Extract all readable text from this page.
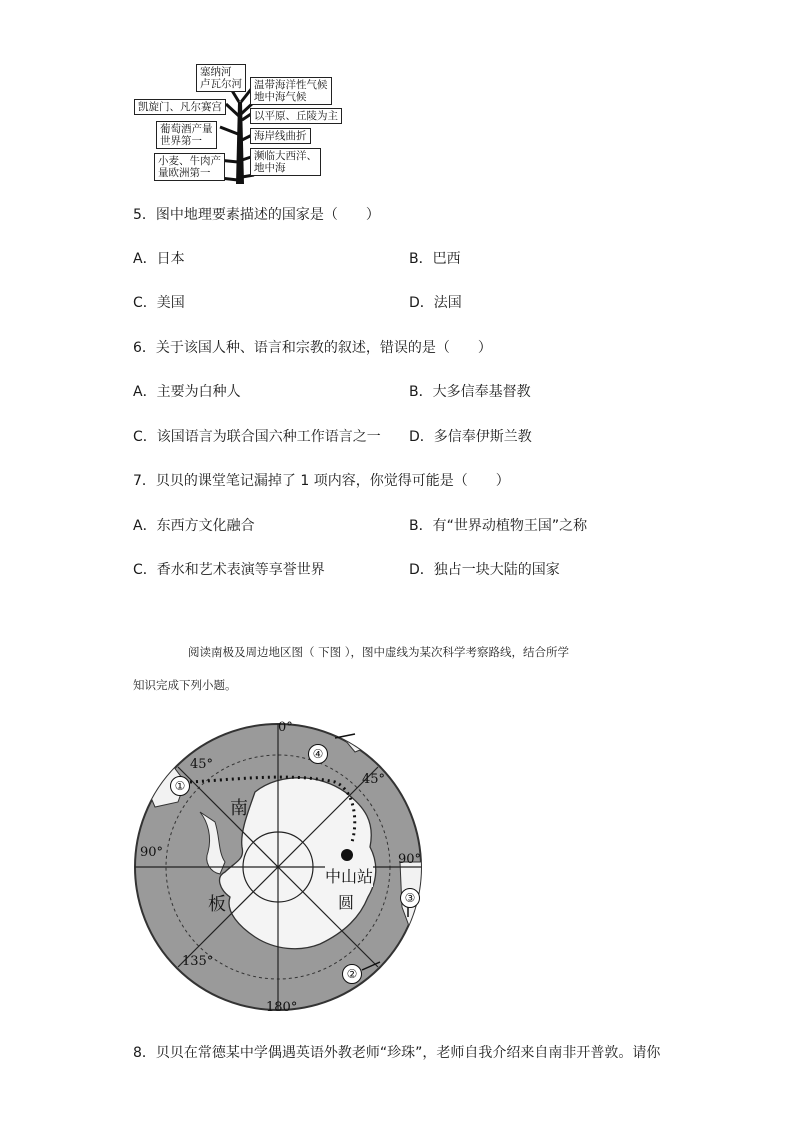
塞纳河
卢瓦尔河
凯旋门、凡尔赛宫
葡萄酒产量
世界第一
小麦、牛肉产
量欧洲第一
温带海洋性气候
地中海气候
以平原、丘陵为主
海岸线曲折
濒临大西洋、
地中海
5．图中地理要素描述的国家是（　　）
A．日本	B．巴西
C．美国	D．法国
6．关于该国人种、语言和宗教的叙述，错误的是（　　）
A．主要为白种人	B．大多信奉基督教
C．该国语言为联合国六种工作语言之一 D．多信奉伊斯兰教
7．贝贝的课堂笔记漏掉了 1 项内容，你觉得可能是（　　）
A．东西方文化融合	B．有“世界动植物王国”之称
C．香水和艺术表演等享誉世界	D．独占一块大陆的国家
阅读南极及周边地区图（ 下图 ），图中虚线为某次科学考察路线，结合所学
知识完成下列小题。
0°
45°
45°
90°	90°
135°
180°
南
板
中山站
圆
①
④
③
②
8．贝贝在常德某中学偶遇英语外教老师“珍珠”，老师自我介绍来自南非开普敦。请你
